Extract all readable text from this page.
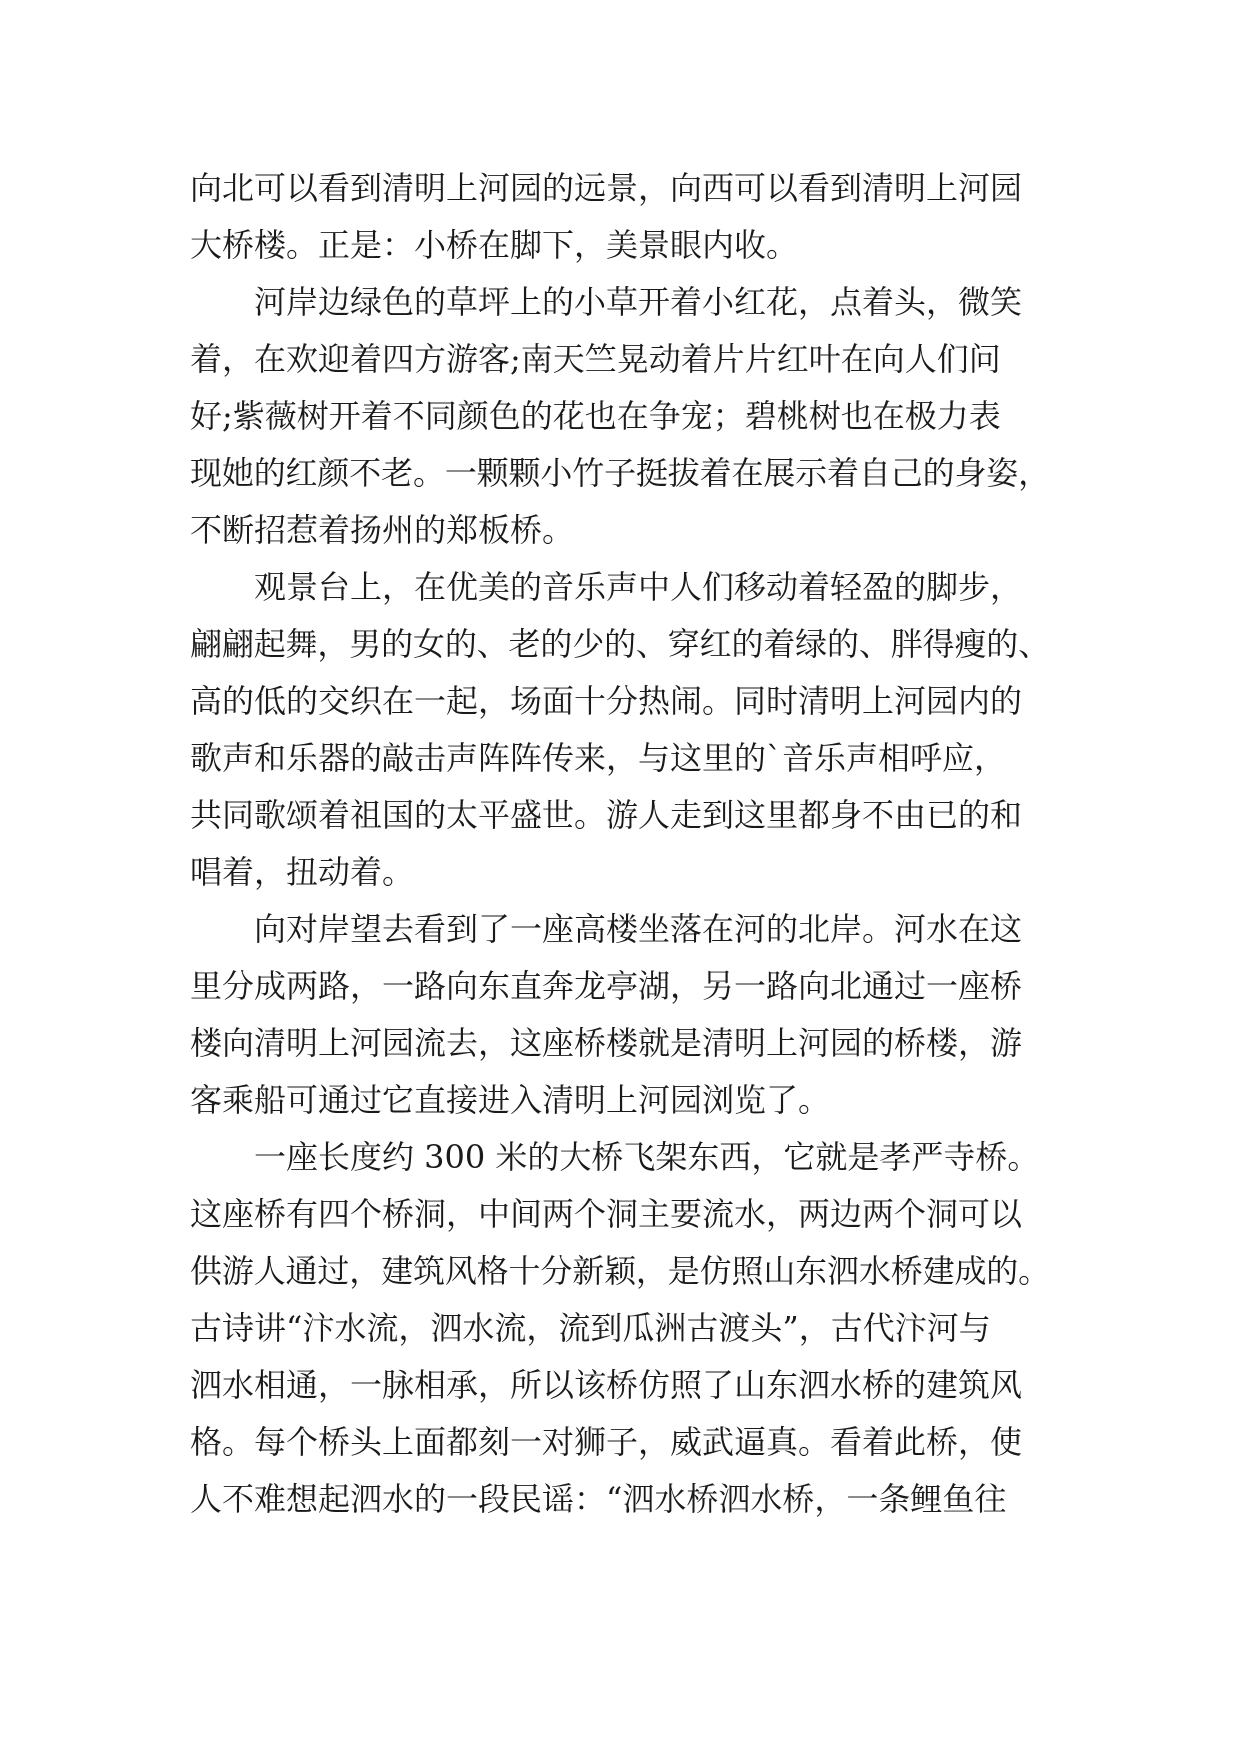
向北可以看到清明上河园的远景，向西可以看到清明上河园
大桥楼。正是：小桥在脚下，美景眼内收。
河岸边绿色的草坪上的小草开着小红花，点着头，微笑
着，在欢迎着四方游客;南天竺晃动着片片红叶在向人们问
好;紫薇树开着不同颜色的花也在争宠；碧桃树也在极力表
现她的红颜不老。一颗颗小竹子挺拔着在展示着自己的身姿，
不断招惹着扬州的郑板桥。
观景台上，在优美的音乐声中人们移动着轻盈的脚步，
翩翩起舞，男的女的、老的少的、穿红的着绿的、胖得瘦的、
高的低的交织在一起，场面十分热闹。同时清明上河园内的
歌声和乐器的敲击声阵阵传来，与这里的`音乐声相呼应，
共同歌颂着祖国的太平盛世。游人走到这里都身不由已的和
唱着，扭动着。
向对岸望去看到了一座高楼坐落在河的北岸。河水在这
里分成两路，一路向东直奔龙亭湖，另一路向北通过一座桥
楼向清明上河园流去，这座桥楼就是清明上河园的桥楼，游
客乘船可通过它直接进入清明上河园浏览了。
一座长度约 300 米的大桥飞架东西，它就是孝严寺桥。
这座桥有四个桥洞，中间两个洞主要流水，两边两个洞可以
供游人通过，建筑风格十分新颖，是仿照山东泗水桥建成的。
古诗讲“汴水流，泗水流，流到瓜洲古渡头”，古代汴河与
泗水相通，一脉相承，所以该桥仿照了山东泗水桥的建筑风
格。每个桥头上面都刻一对狮子，威武逼真。看着此桥，使
人不难想起泗水的一段民谣：“泗水桥泗水桥，一条鲤鱼往
